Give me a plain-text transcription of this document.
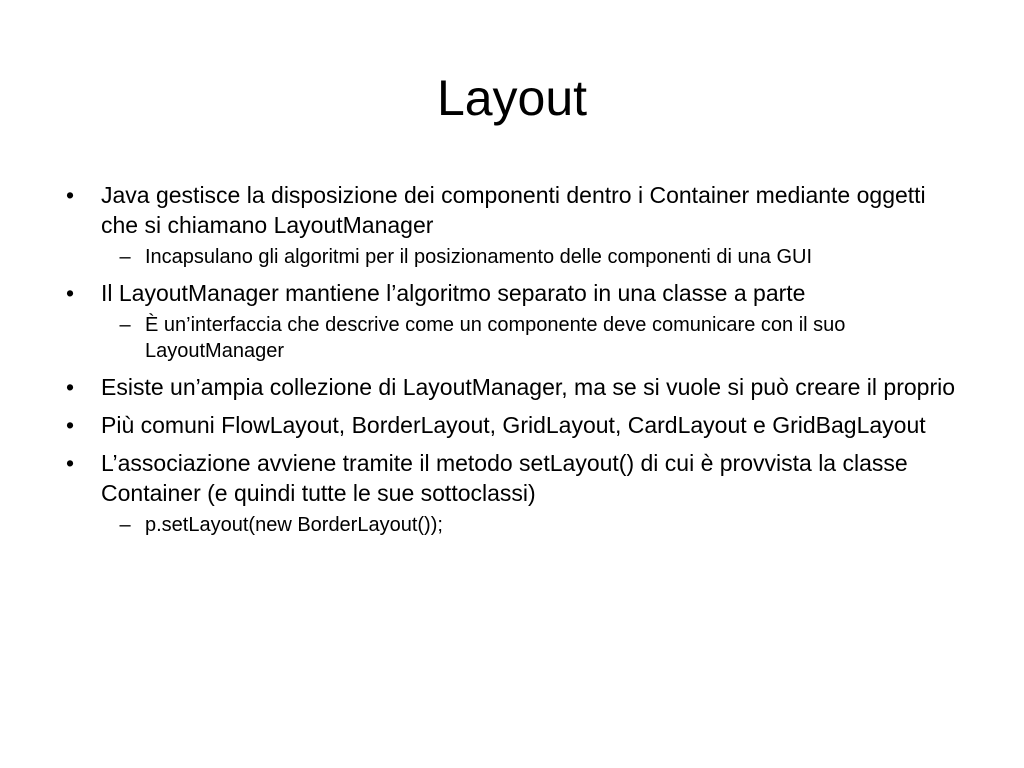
Layout
• Java gestisce la disposizione dei componenti dentro i Container mediante oggetti che si chiamano LayoutManager
– Incapsulano gli algoritmi per il posizionamento delle componenti di una GUI
• Il LayoutManager mantiene l’algoritmo separato in una classe a parte
– È un’interfaccia che descrive come un componente deve comunicare con il suo LayoutManager
• Esiste un’ampia collezione di LayoutManager, ma se si vuole si può creare il proprio
• Più comuni FlowLayout, BorderLayout, GridLayout, CardLayout e GridBagLayout
• L’associazione avviene tramite il metodo setLayout() di cui è provvista la classe Container (e quindi tutte le sue sottoclassi)
– p.setLayout(new BorderLayout());
